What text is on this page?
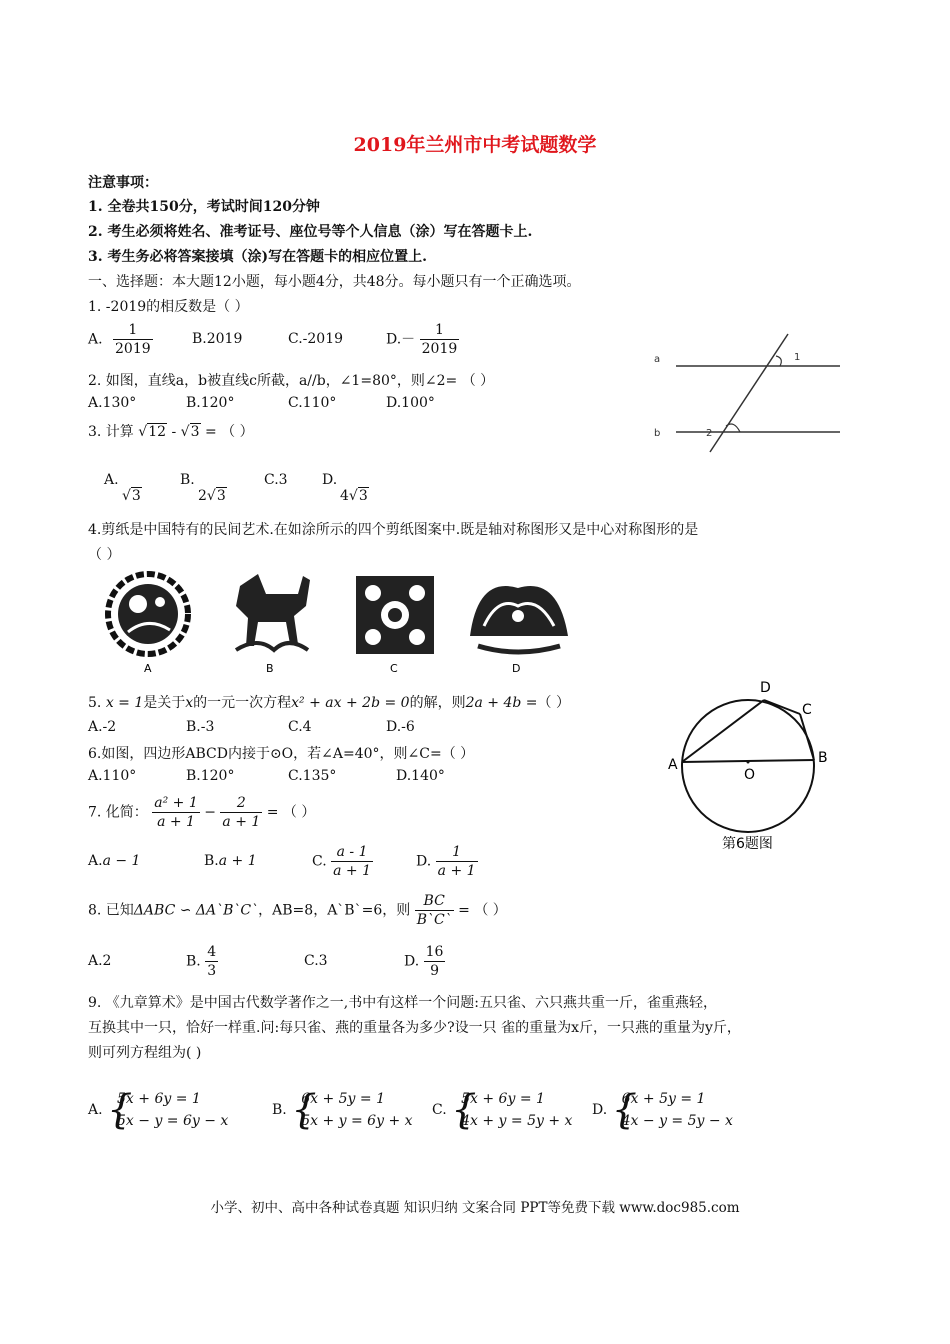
2019年兰州市中考试题数学
注意事项：
1. 全卷共150分，考试时间120分钟
2. 考生必须将姓名、准考证号、座位号等个人信息（涂）写在答题卡上.
3. 考生务必将答案接填（涂)写在答题卡的相应位置上.
一、选择题：本大题12小题，每小题4分，共48分。每小题只有一个正确选项。
1. -2019的相反数是（ ）
A. $\frac{1}{2019}$	B.2019	C.-2019	$D.- \frac{1}{2019}$
a
b
1
2
2. 如图，直线a，b被直线c所截，a//b，∠1=80°，则∠2= （ ）
A.130°	B.120°	C.110°	D.100°
3. 计算 √12 - √3 = （ ）
A.
√3
B.
2√3
C.3 D.
4√3
4.剪纸是中国特有的民间艺术.在如涂所示的四个剪纸图案中.既是轴对称图形又是中心对称图形的是
（ ）
A	B	C	D
5. x = 1是关于x的一元一次方程x² + ax + 2b = 0的解，则2a + 4b =（ ）
A.-2	B.-3	C.4	D.-6
A	B
C
D
O
第6题图
6.如图，四边形ABCD内接于⊙O，若∠A=40°，则∠C=（ ）
A.110°	B.120°	C.135°	D.140°
7. 化简： $\frac{\text{a² + 1}}{a + 1} - \frac{2}{a + 1}$ = （ ）
A.a − 1	B.a + 1	C. $\frac{a - 1}{a + 1}$	D. $\frac{1}{a + 1}$
8. 已知ΔABC ∽ ΔA`B`C`，AB=8，A`B`=6，则 $\frac{BC}{B`C`}$ = （ ）
A.2	B. $\frac{4}{3}$	C.3	D. $\frac{16}{9}$
9. 《九章算术》是中国古代数学著作之一,书中有这样一个问题:五只雀、六只燕共重一斤，雀重燕轻，
互换其中一只，恰好一样重.问:每只雀、燕的重量各为多少?设一只 雀的重量为x斤，一只燕的重量为y斤，
则可列方程组为( )
A. {
5x + 6y = 1
5x − y = 6y − x
B. {
6x + 5y = 1
5x + y = 6y + x
C. {
5x + 6y = 1
4x + y = 5y + x
D. {
6x + 5y = 1
4x − y = 5y − x
小学、初中、高中各种试卷真题 知识归纳 文案合同 PPT等免费下载 www.doc985.com
